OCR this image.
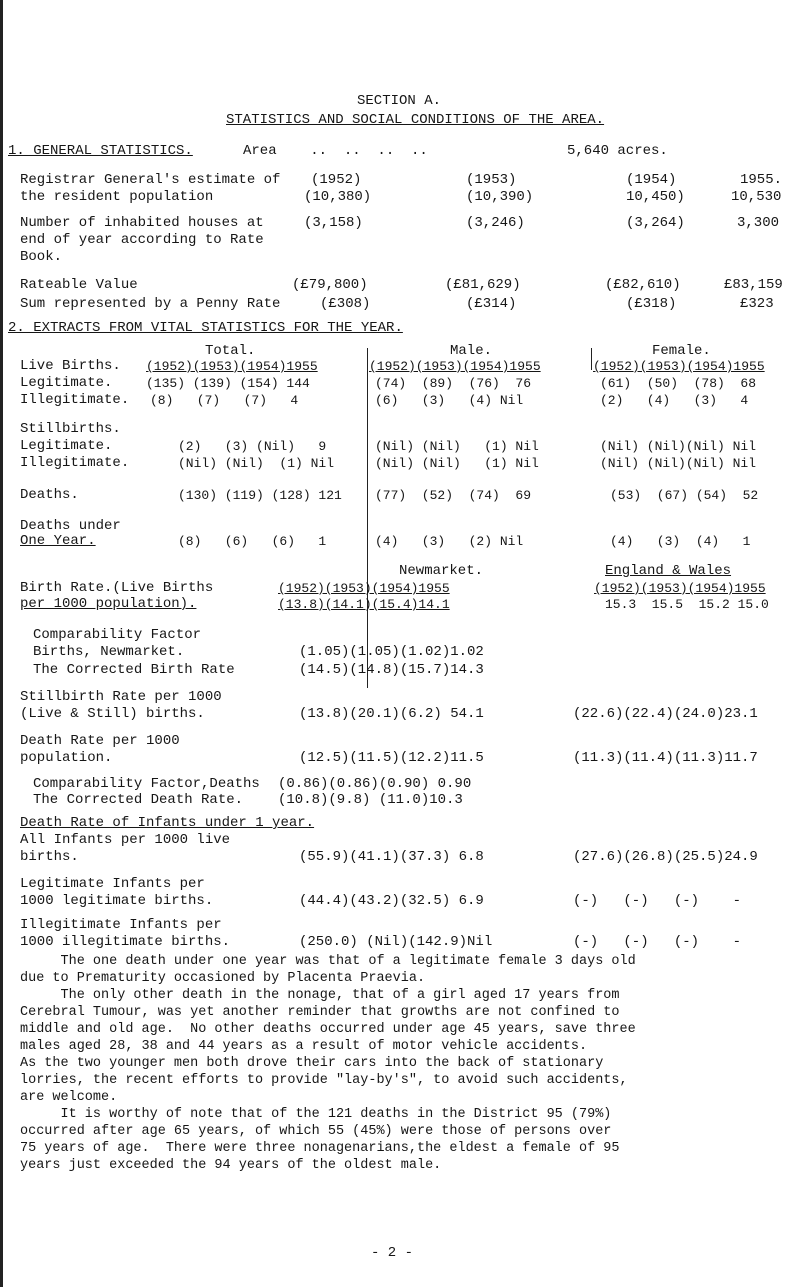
SECTION A.
STATISTICS AND SOCIAL CONDITIONS OF THE AREA.
1. GENERAL STATISTICS.	Area    ..  ..  ..  ..	5,640 acres.
Registrar General's estimate of
the resident population
(1952)	(1953)	(1954)	1955.
(10,380)	(10,390)	10,450)	10,530
Number of inhabited houses at
end of year according to Rate
Book.
(3,158)	(3,246)	(3,264)	3,300
Rateable Value	(£79,800)	(£81,629)	(£82,610)	£83,159
Sum represented by a Penny Rate	(£308)	(£314)	(£318)	£323
2. EXTRACTS FROM VITAL STATISTICS FOR THE YEAR.
Total.	Male.	Female.
(1952)(1953)(1954)1955	(1952)(1953)(1954)1955	(1952)(1953)(1954)1955
Live Births.
Legitimate.	(135) (139) (154) 144	(74)  (89)  (76)  76	(61)  (50)  (78)  68
Illegitimate. (8)   (7)   (7)   4	(6)   (3)   (4) Nil	(2)   (4)   (3)   4
Stillbirths.
Legitimate.	(2)   (3) (Nil)   9	(Nil) (Nil)   (1) Nil	(Nil) (Nil)(Nil) Nil
Illegitimate.	(Nil) (Nil)  (1) Nil	(Nil) (Nil)   (1) Nil	(Nil) (Nil)(Nil) Nil
Deaths.	(130) (119) (128) 121	(77)  (52)  (74)  69	(53)  (67) (54)  52
Deaths under
One Year.	(8)   (6)   (6)   1	(4)   (3)   (2) Nil	(4)   (3)  (4)   1
Newmarket.	England & Wales
Birth Rate.(Live Births
per 1000 population).
(1952)(1953)(1954)1955	(1952)(1953)(1954)1955
(13.8)(14.1)(15.4)14.1	15.3  15.5  15.2 15.0
Comparability Factor
Births, Newmarket.	(1.05)(1.05)(1.02)1.02
The Corrected Birth Rate	(14.5)(14.8)(15.7)14.3
Stillbirth Rate per 1000
(Live & Still) births.	(13.8)(20.1)(6.2) 54.1	(22.6)(22.4)(24.0)23.1
Death Rate per 1000
population.	(12.5)(11.5)(12.2)11.5	(11.3)(11.4)(11.3)11.7
Comparability Factor,Deaths (0.86)(0.86)(0.90) 0.90
The Corrected Death Rate. (10.8)(9.8) (11.0)10.3
Death Rate of Infants under 1 year.
All Infants per 1000 live
births.	(55.9)(41.1)(37.3) 6.8	(27.6)(26.8)(25.5)24.9
Legitimate Infants per
1000 legitimate births.	(44.4)(43.2)(32.5) 6.9	(-)   (-)   (-)    -
Illegitimate Infants per
1000 illegitimate births.	(250.0) (Nil)(142.9)Nil	(-)   (-)   (-)    -
The one death under one year was that of a legitimate female 3 days old
due to Prematurity occasioned by Placenta Praevia.
The only other death in the nonage, that of a girl aged 17 years from
Cerebral Tumour, was yet another reminder that growths are not confined to
middle and old age.  No other deaths occurred under age 45 years, save three
males aged 28, 38 and 44 years as a result of motor vehicle accidents.
As the two younger men both drove their cars into the back of stationary
lorries, the recent efforts to provide "lay-by's", to avoid such accidents,
are welcome.
It is worthy of note that of the 121 deaths in the District 95 (79%)
occurred after age 65 years, of which 55 (45%) were those of persons over
75 years of age.  There were three nonagenarians,the eldest a female of 95
years just exceeded the 94 years of the oldest male.
- 2 -
